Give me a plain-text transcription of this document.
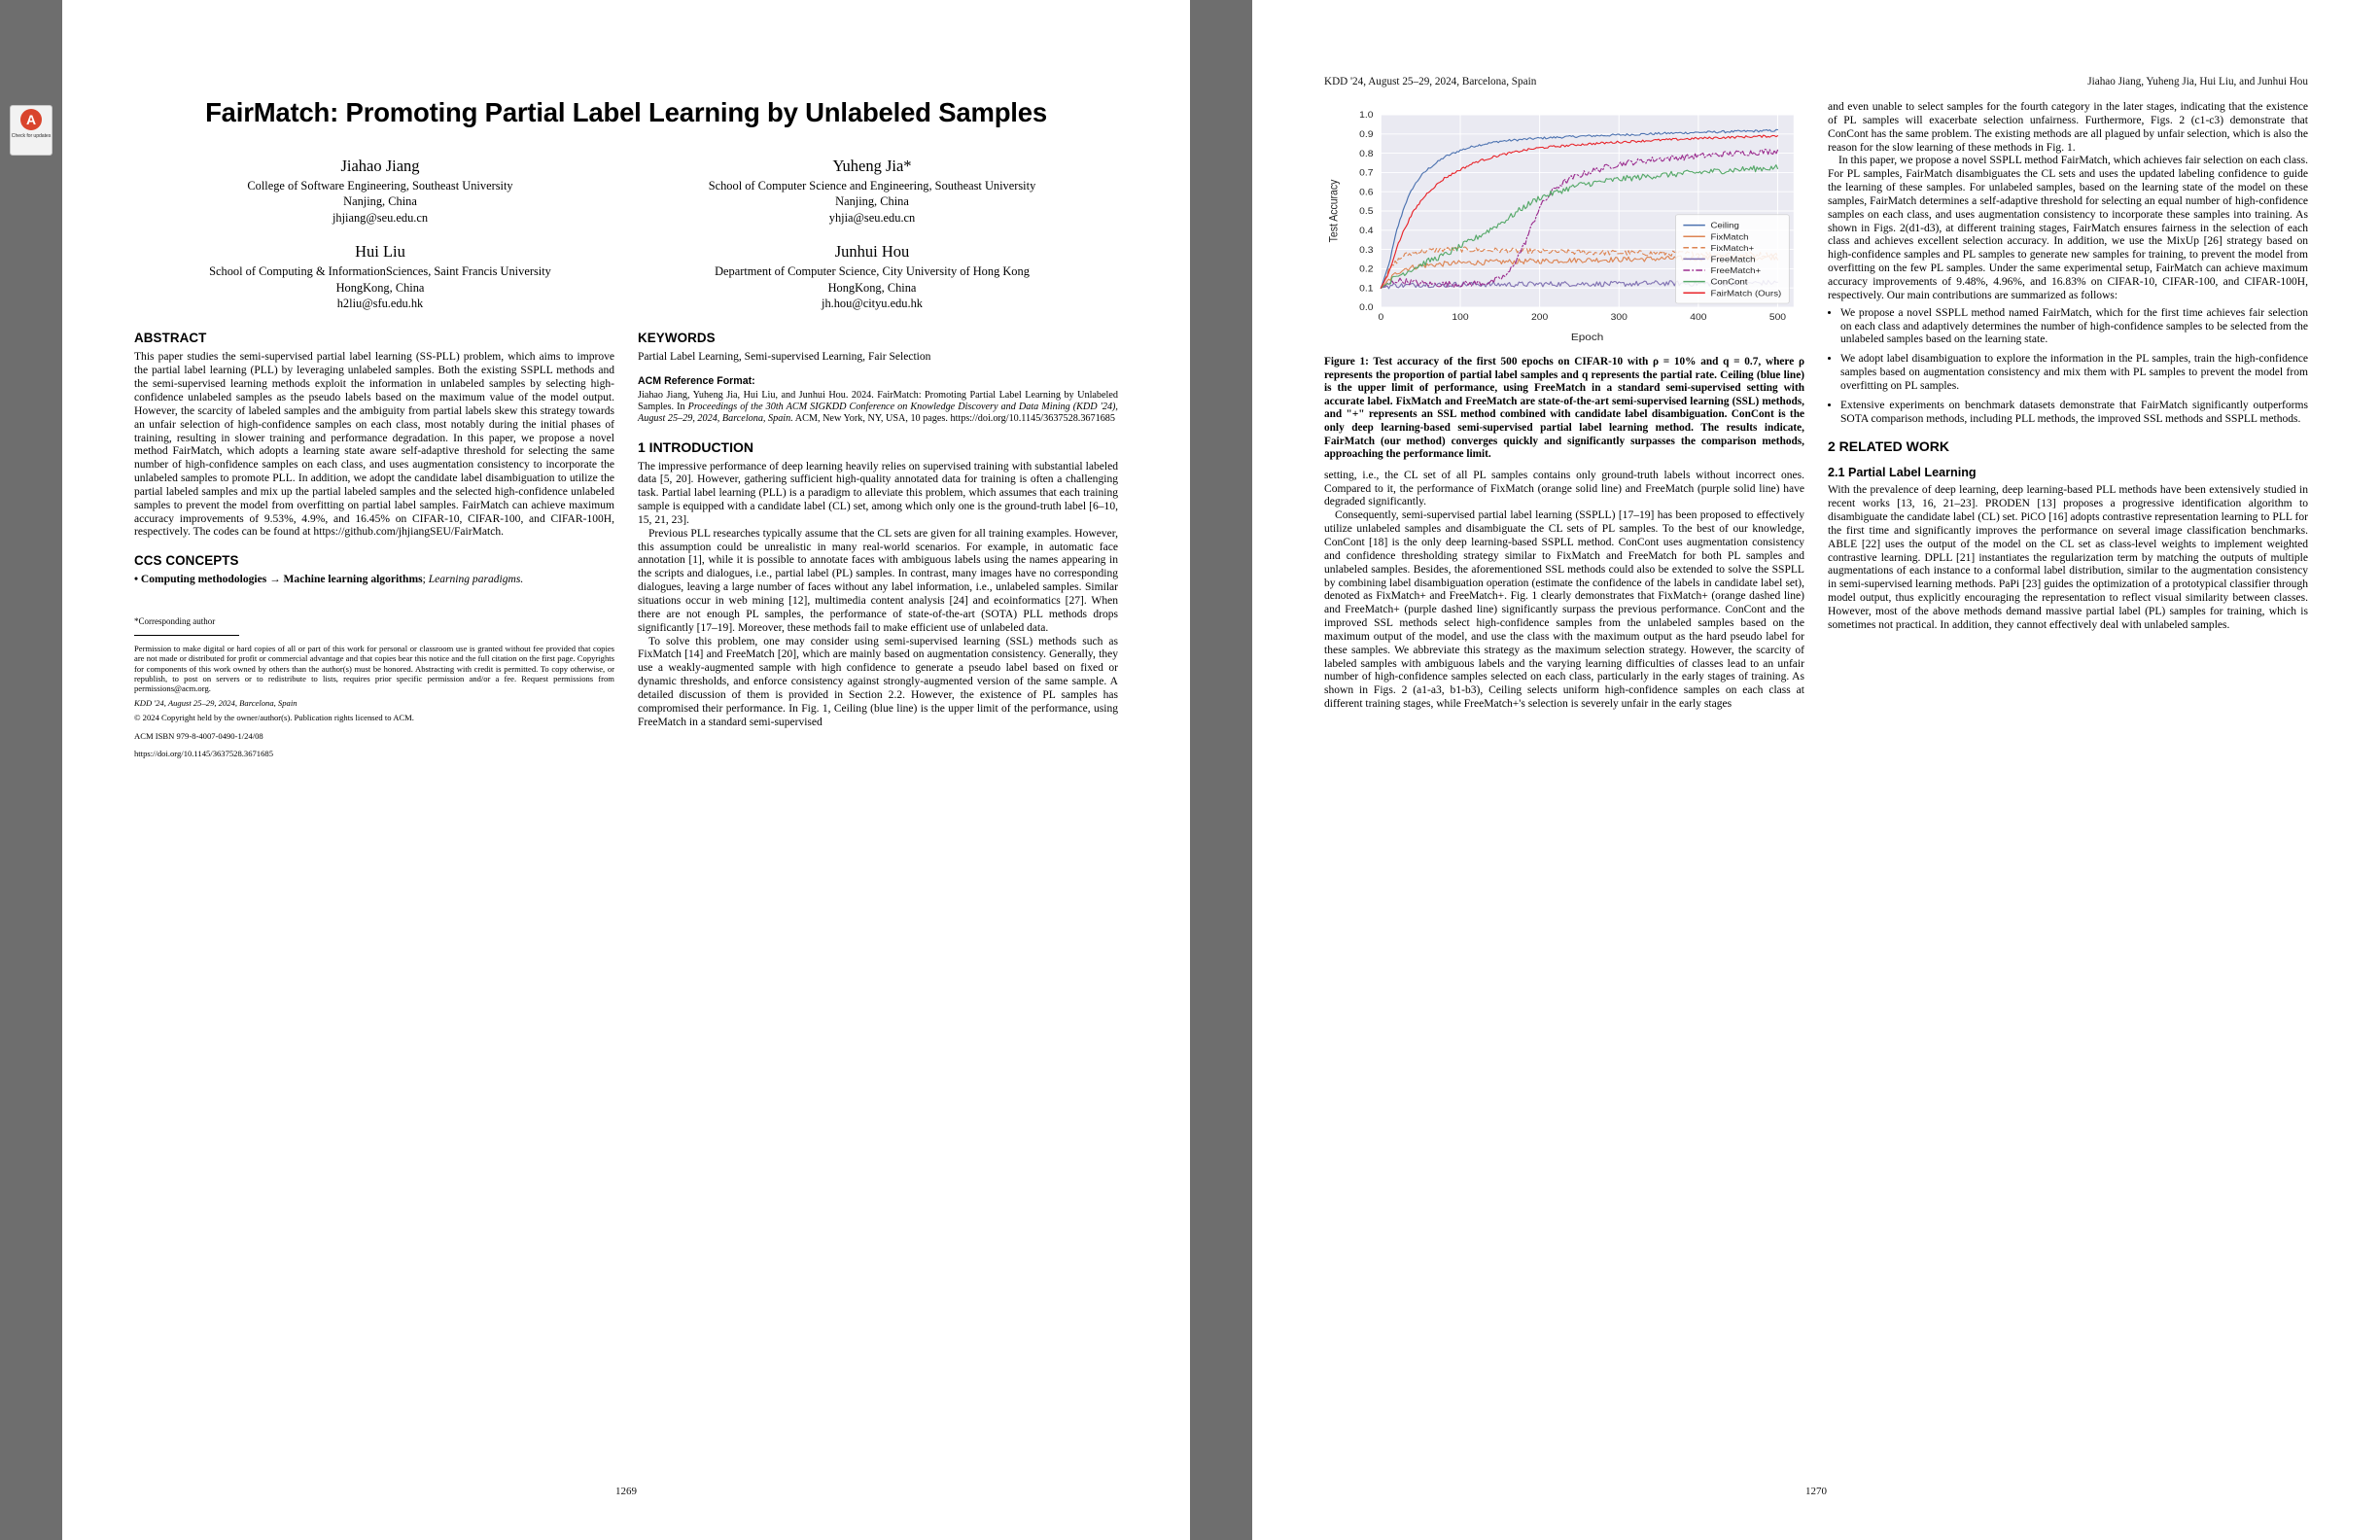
A
Check for updates
FairMatch: Promoting Partial Label Learning by Unlabeled Samples
Jiahao Jiang
College of Software Engineering, Southeast University
Nanjing, China
jhjiang@seu.edu.cn
Yuheng Jia*
School of Computer Science and Engineering, Southeast University
Nanjing, China
yhjia@seu.edu.cn
Hui Liu
School of Computing & InformationSciences, Saint Francis University
HongKong, China
h2liu@sfu.edu.hk
Junhui Hou
Department of Computer Science, City University of Hong Kong
HongKong, China
jh.hou@cityu.edu.hk
ABSTRACT

This paper studies the semi-supervised partial label learning (SS-PLL) problem, which aims to improve the partial label learning (PLL) by leveraging unlabeled samples. Both the existing SSPLL methods and the semi-supervised learning methods exploit the information in unlabeled samples by selecting high-confidence unlabeled samples as the pseudo labels based on the maximum value of the model output. However, the scarcity of labeled samples and the ambiguity from partial labels skew this strategy towards an unfair selection of high-confidence samples on each class, most notably during the initial phases of training, resulting in slower training and performance degradation. In this paper, we propose a novel method FairMatch, which adopts a learning state aware self-adaptive threshold for selecting the same number of high-confidence samples on each class, and uses augmentation consistency to incorporate the unlabeled samples to promote PLL. In addition, we adopt the candidate label disambiguation to utilize the partial labeled samples and mix up the partial labeled samples and the selected high-confidence unlabeled samples to prevent the model from overfitting on partial label samples. FairMatch can achieve maximum accuracy improvements of 9.53%, 4.9%, and 16.45% on CIFAR-10, CIFAR-100, and CIFAR-100H, respectively. The codes can be found at https://github.com/jhjiangSEU/FairMatch.

CCS CONCEPTS
• Computing methodologies → Machine learning algorithms; Learning paradigms.
*Corresponding author
Permission to make digital or hard copies of all or part of this work for personal or classroom use is granted without fee provided that copies are not made or distributed for profit or commercial advantage and that copies bear this notice and the full citation on the first page. Copyrights for components of this work owned by others than the author(s) must be honored. Abstracting with credit is permitted. To copy otherwise, or republish, to post on servers or to redistribute to lists, requires prior specific permission and/or a fee. Request permissions from permissions@acm.org.
KDD '24, August 25–29, 2024, Barcelona, Spain
© 2024 Copyright held by the owner/author(s). Publication rights licensed to ACM.
ACM ISBN 979-8-4007-0490-1/24/08
https://doi.org/10.1145/3637528.3671685
KEYWORDS

Partial Label Learning, Semi-supervised Learning, Fair Selection

ACM Reference Format:

Jiahao Jiang, Yuheng Jia, Hui Liu, and Junhui Hou. 2024. FairMatch: Promoting Partial Label Learning by Unlabeled Samples. In Proceedings of the 30th ACM SIGKDD Conference on Knowledge Discovery and Data Mining (KDD '24), August 25–29, 2024, Barcelona, Spain. ACM, New York, NY, USA, 10 pages. https://doi.org/10.1145/3637528.3671685

1 INTRODUCTION

The impressive performance of deep learning heavily relies on supervised training with substantial labeled data [5, 20]. However, gathering sufficient high-quality annotated data for training is often a challenging task. Partial label learning (PLL) is a paradigm to alleviate this problem, which assumes that each training sample is equipped with a candidate label (CL) set, among which only one is the ground-truth label [6–10, 15, 21, 23].

Previous PLL researches typically assume that the CL sets are given for all training examples. However, this assumption could be unrealistic in many real-world scenarios. For example, in automatic face annotation [1], while it is possible to annotate faces with ambiguous labels using the names appearing in the scripts and dialogues, i.e., partial label (PL) samples. In contrast, many images have no corresponding dialogues, leaving a large number of faces without any label information, i.e., unlabeled samples. Similar situations occur in web mining [12], multimedia content analysis [24] and ecoinformatics [27]. When there are not enough PL samples, the performance of state-of-the-art (SOTA) PLL methods drops significantly [17–19]. Moreover, these methods fail to make efficient use of unlabeled data.

To solve this problem, one may consider using semi-supervised learning (SSL) methods such as FixMatch [14] and FreeMatch [20], which are mainly based on augmentation consistency. Generally, they use a weakly-augmented sample with high confidence to generate a pseudo label based on fixed or dynamic thresholds, and enforce consistency against strongly-augmented version of the same sample. A detailed discussion of them is provided in Section 2.2. However, the existence of PL samples has compromised their performance. In Fig. 1, Ceiling (blue line) is the upper limit of the performance, using FreeMatch in a standard semi-supervised

1269
KDD '24, August 25–29, 2024, Barcelona, Spain	Jiahao Jiang, Yuheng Jia, Hui Liu, and Junhui Hou
0.0
0.1
0.2
0.3
0.4
0.5
0.6
0.7
0.8
0.9
1.0
0	100	200	300	400	500
Epoch
Test Accuracy	Ceiling
FixMatch
FixMatch+
FreeMatch
FreeMatch+
ConCont
FairMatch (Ours)
Figure 1: Test accuracy of the first 500 epochs on CIFAR-10 with ρ = 10% and q = 0.7, where ρ represents the proportion of partial label samples and q represents the partial rate. Ceiling (blue line) is the upper limit of performance, using FreeMatch in a standard semi-supervised setting with accurate label. FixMatch and FreeMatch are state-of-the-art semi-supervised learning (SSL) methods, and "+" represents an SSL method combined with candidate label disambiguation. ConCont is the only deep learning-based semi-supervised partial label learning method. The results indicate, FairMatch (our method) converges quickly and significantly surpasses the comparison methods, approaching the performance limit.

setting, i.e., the CL set of all PL samples contains only ground-truth labels without incorrect ones. Compared to it, the performance of FixMatch (orange solid line) and FreeMatch (purple solid line) have degraded significantly.

Consequently, semi-supervised partial label learning (SSPLL) [17–19] has been proposed to effectively utilize unlabeled samples and disambiguate the CL sets of PL samples. To the best of our knowledge, ConCont [18] is the only deep learning-based SSPLL method. ConCont uses augmentation consistency and confidence thresholding strategy similar to FixMatch and FreeMatch for both PL samples and unlabeled samples. Besides, the aforementioned SSL methods could also be extended to solve the SSPLL by combining label disambiguation operation (estimate the confidence of the labels in candidate label set), denoted as FixMatch+ and FreeMatch+. Fig. 1 clearly demonstrates that FixMatch+ (orange dashed line) and FreeMatch+ (purple dashed line) significantly surpass the previous performance. ConCont and the improved SSL methods select high-confidence samples from the unlabeled samples based on the maximum output of the model, and use the class with the maximum output as the hard pseudo label for these samples. We abbreviate this strategy as the maximum selection strategy. However, the scarcity of labeled samples with ambiguous labels and the varying learning difficulties of classes lead to an unfair number of high-confidence samples selected on each class, particularly in the early stages of training. As shown in Figs. 2 (a1-a3, b1-b3), Ceiling selects uniform high-confidence samples on each class at different training stages, while FreeMatch+'s selection is severely unfair in the early stages

and even unable to select samples for the fourth category in the later stages, indicating that the existence of PL samples will exacerbate selection unfairness. Furthermore, Figs. 2 (c1-c3) demonstrate that ConCont has the same problem. The existing methods are all plagued by unfair selection, which is also the reason for the slow learning of these methods in Fig. 1.

In this paper, we propose a novel SSPLL method FairMatch, which achieves fair selection on each class. For PL samples, FairMatch disambiguates the CL sets and uses the updated labeling confidence to guide the learning of these samples. For unlabeled samples, based on the learning state of the model on these samples, FairMatch determines a self-adaptive threshold for selecting an equal number of high-confidence samples on each class, and uses augmentation consistency to incorporate these samples into training. As shown in Figs. 2(d1-d3), at different training stages, FairMatch ensures fairness in the selection of each class and achieves excellent selection accuracy. In addition, we use the MixUp [26] strategy based on high-confidence samples and PL samples to generate new samples for training, to prevent the model from overfitting on the few PL samples. Under the same experimental setup, FairMatch can achieve maximum accuracy improvements of 9.48%, 4.96%, and 16.83% on CIFAR-10, CIFAR-100, and CIFAR-100H, respectively. Our main contributions are summarized as follows:

• We propose a novel SSPLL method named FairMatch, which for the first time achieves fair selection on each class and adaptively determines the number of high-confidence samples to be selected from the unlabeled samples based on the learning state.
• We adopt label disambiguation to explore the information in the PL samples, train the high-confidence samples based on augmentation consistency and mix them with PL samples to prevent the model from overfitting on PL samples.
• Extensive experiments on benchmark datasets demonstrate that FairMatch significantly outperforms SOTA comparison methods, including PLL methods, the improved SSL methods and SSPLL methods.
2 RELATED WORK
2.1 Partial Label Learning

With the prevalence of deep learning, deep learning-based PLL methods have been extensively studied in recent works [13, 16, 21–23]. PRODEN [13] proposes a progressive identification algorithm to disambiguate the candidate label (CL) set. PiCO [16] adopts contrastive representation learning to PLL for the first time and significantly improves the performance on several image classification benchmarks. ABLE [22] uses the output of the model on the CL set as class-level weights to implement weighted contrastive learning. DPLL [21] instantiates the regularization term by matching the outputs of multiple augmentations of each instance to a conformal label distribution, similar to the augmentation consistency in semi-supervised learning methods. PaPi [23] guides the optimization of a prototypical classifier through model output, thus explicitly encouraging the representation to reflect visual similarity between classes. However, most of the above methods demand massive partial label (PL) samples for training, which is sometimes not practical. In addition, they cannot effectively deal with unlabeled samples.

1270
